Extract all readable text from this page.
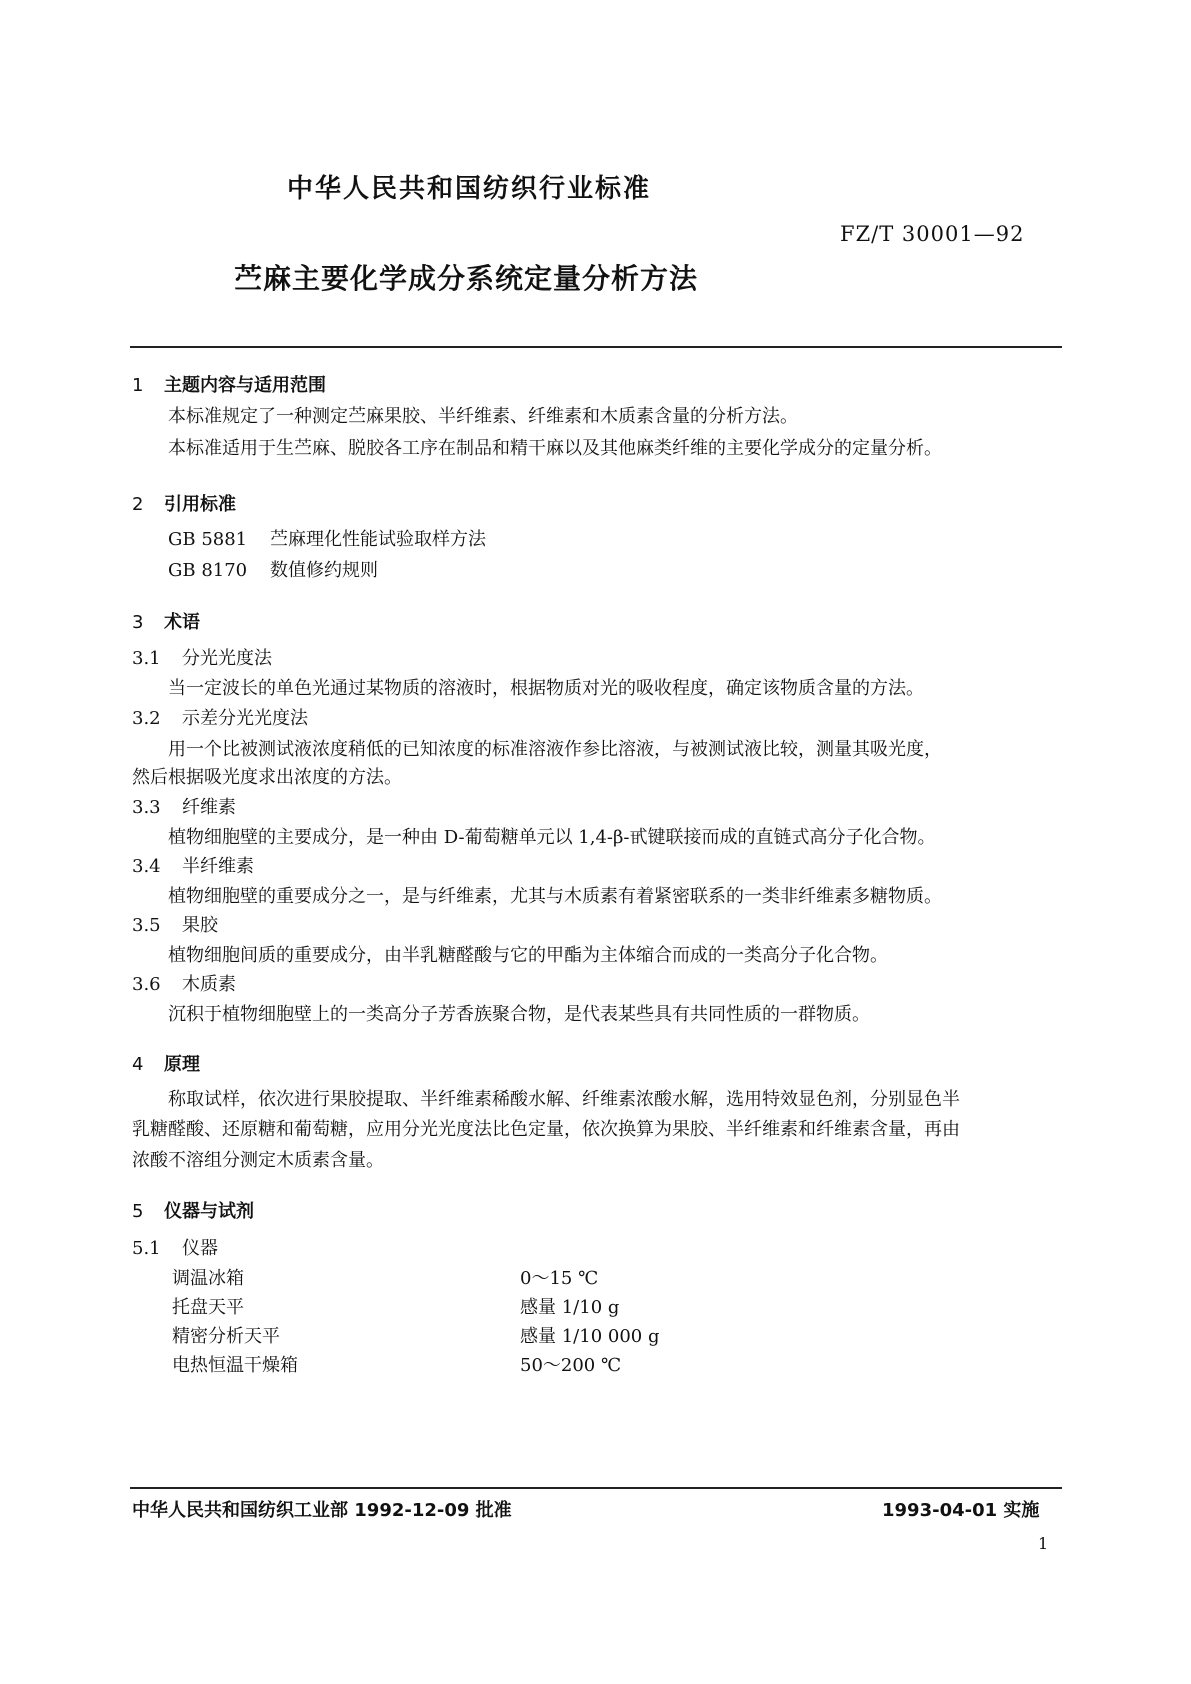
中华人民共和国纺织行业标准
FZ/T 30001—92
苎麻主要化学成分系统定量分析方法
1 主题内容与适用范围
本标准规定了一种测定苎麻果胶、半纤维素、纤维素和木质素含量的分析方法。
本标准适用于生苎麻、脱胶各工序在制品和精干麻以及其他麻类纤维的主要化学成分的定量分析。
2 引用标准
GB 5881 苎麻理化性能试验取样方法
GB 8170 数值修约规则
3 术语
3.1 分光光度法
当一定波长的单色光通过某物质的溶液时，根据物质对光的吸收程度，确定该物质含量的方法。
3.2 示差分光光度法
用一个比被测试液浓度稍低的已知浓度的标准溶液作参比溶液，与被测试液比较，测量其吸光度，
然后根据吸光度求出浓度的方法。
3.3 纤维素
植物细胞壁的主要成分，是一种由 D-葡萄糖单元以 1,4-β-甙键联接而成的直链式高分子化合物。
3.4 半纤维素
植物细胞壁的重要成分之一，是与纤维素，尤其与木质素有着紧密联系的一类非纤维素多糖物质。
3.5 果胶
植物细胞间质的重要成分，由半乳糖醛酸与它的甲酯为主体缩合而成的一类高分子化合物。
3.6 木质素
沉积于植物细胞壁上的一类高分子芳香族聚合物，是代表某些具有共同性质的一群物质。
4 原理
称取试样，依次进行果胶提取、半纤维素稀酸水解、纤维素浓酸水解，选用特效显色剂，分别显色半
乳糖醛酸、还原糖和葡萄糖，应用分光光度法比色定量，依次换算为果胶、半纤维素和纤维素含量，再由
浓酸不溶组分测定木质素含量。
5 仪器与试剂
5.1 仪器
调温冰箱	0～15 ℃
托盘天平	感量 1/10 g
精密分析天平	感量 1/10 000 g
电热恒温干燥箱	50～200 ℃
中华人民共和国纺织工业部 1992-12-09 批准	1993-04-01 实施
1
